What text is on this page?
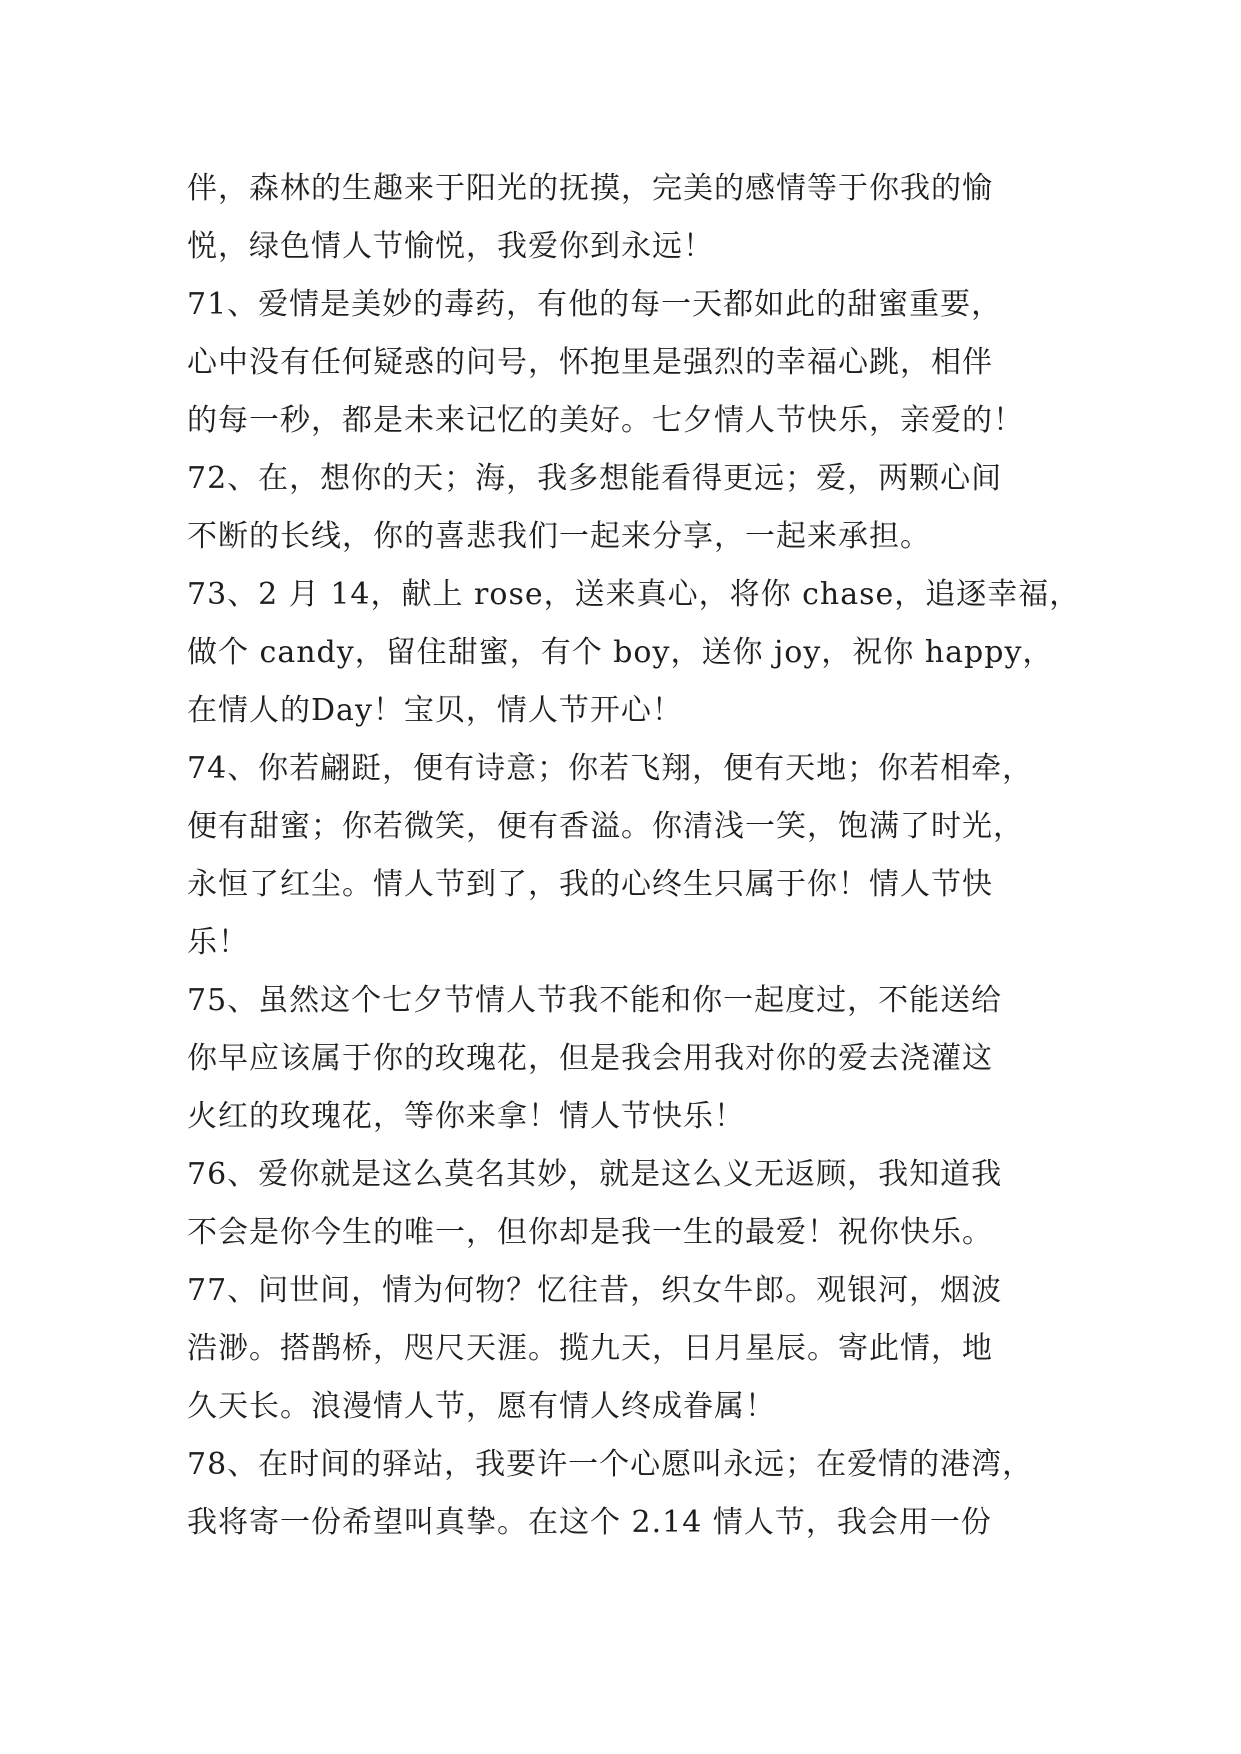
伴，森林的生趣来于阳光的抚摸，完美的感情等于你我的愉
悦，绿色情人节愉悦，我爱你到永远！
71、爱情是美妙的毒药，有他的每一天都如此的甜蜜重要，
心中没有任何疑惑的问号，怀抱里是强烈的幸福心跳，相伴
的每一秒，都是未来记忆的美好。七夕情人节快乐，亲爱的！
72、在，想你的天；海，我多想能看得更远；爱，两颗心间
不断的长线，你的喜悲我们一起来分享，一起来承担。
73、2 月 14，献上 rose，送来真心，将你 chase，追逐幸福，
做个 candy，留住甜蜜，有个 boy，送你 joy，祝你 happy，
在情人的Day！宝贝，情人节开心！
74、你若翩跹，便有诗意；你若飞翔，便有天地；你若相牵，
便有甜蜜；你若微笑，便有香溢。你清浅一笑，饱满了时光，
永恒了红尘。情人节到了，我的心终生只属于你！情人节快
乐！
75、虽然这个七夕节情人节我不能和你一起度过，不能送给
你早应该属于你的玫瑰花，但是我会用我对你的爱去浇灌这
火红的玫瑰花，等你来拿！情人节快乐！
76、爱你就是这么莫名其妙，就是这么义无返顾，我知道我
不会是你今生的唯一，但你却是我一生的最爱！祝你快乐。
77、问世间，情为何物？忆往昔，织女牛郎。观银河，烟波
浩渺。搭鹊桥，咫尺天涯。揽九天，日月星辰。寄此情，地
久天长。浪漫情人节，愿有情人终成眷属！
78、在时间的驿站，我要许一个心愿叫永远；在爱情的港湾，
我将寄一份希望叫真挚。在这个 2.14 情人节，我会用一份
